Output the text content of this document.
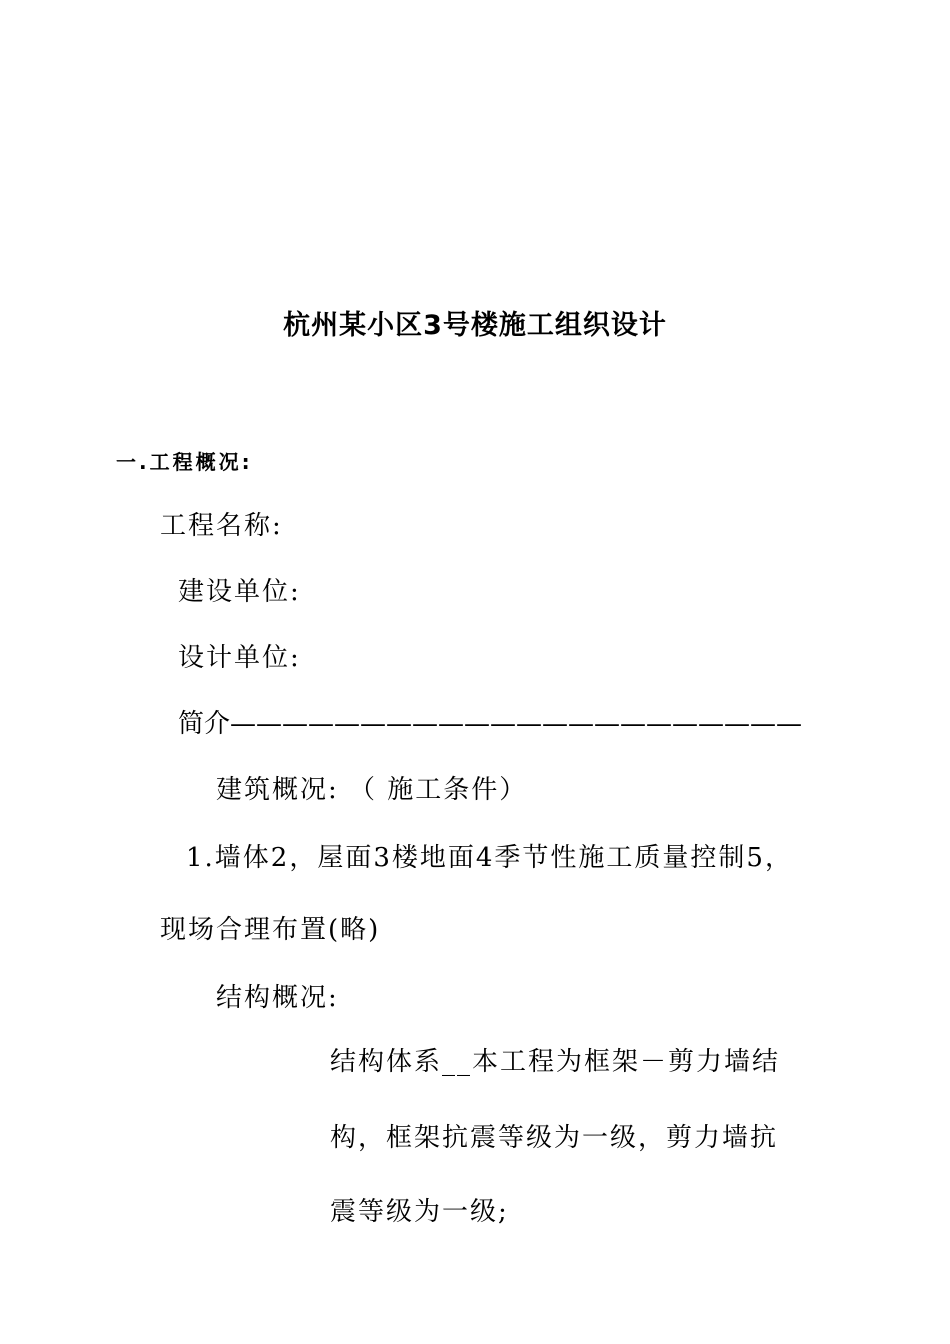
杭州某小区3号楼施工组织设计
一.工程概况:
工程名称:
建设单位:
设计单位:
简介——————————————————————
建筑概况: （ 施工条件）
1.墙体2，屋面3楼地面4季节性施工质量控制5，
现场合理布置(略)
结构概况:
结构体系__本工程为框架－剪力墙结
构，框架抗震等级为一级，剪力墙抗
震等级为一级;
